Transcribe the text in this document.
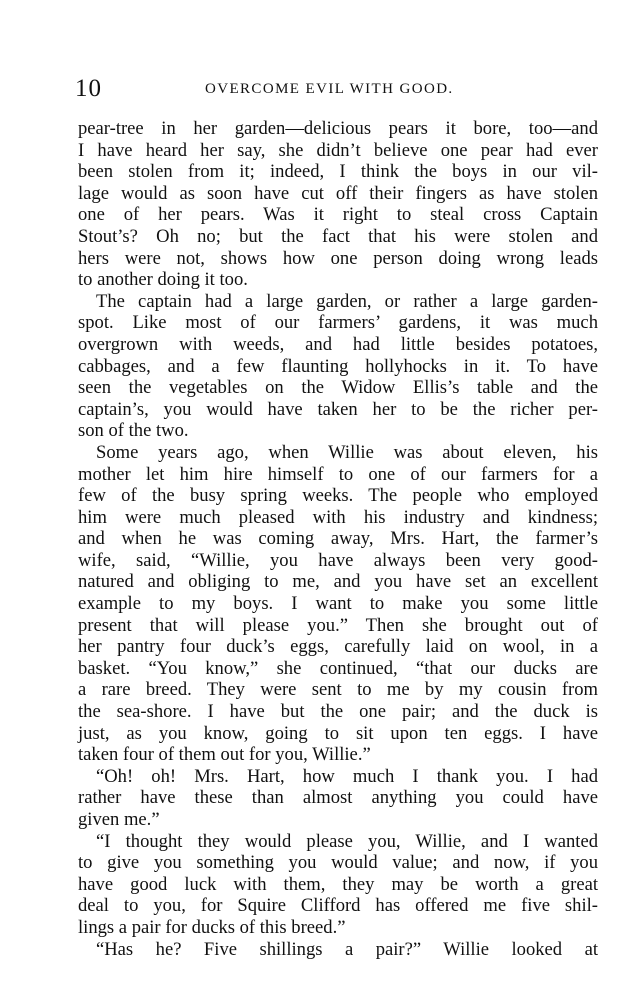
10	OVERCOME EVIL WITH GOOD.
pear-tree in her garden—delicious pears it bore, too—and
I have heard her say, she didn’t believe one pear had ever
been stolen from it; indeed, I think the boys in our vil-
lage would as soon have cut off their fingers as have stolen
one of her pears. Was it right to steal cross Captain
Stout’s? Oh no; but the fact that his were stolen and
hers were not, shows how one person doing wrong leads
to another doing it too.
The captain had a large garden, or rather a large garden-
spot. Like most of our farmers’ gardens, it was much
overgrown with weeds, and had little besides potatoes,
cabbages, and a few flaunting hollyhocks in it. To have
seen the vegetables on the Widow Ellis’s table and the
captain’s, you would have taken her to be the richer per-
son of the two.
Some years ago, when Willie was about eleven, his
mother let him hire himself to one of our farmers for a
few of the busy spring weeks. The people who employed
him were much pleased with his industry and kindness;
and when he was coming away, Mrs. Hart, the farmer’s
wife, said, “Willie, you have always been very good-
natured and obliging to me, and you have set an excellent
example to my boys. I want to make you some little
present that will please you.” Then she brought out of
her pantry four duck’s eggs, carefully laid on wool, in a
basket. “You know,” she continued, “that our ducks are
a rare breed. They were sent to me by my cousin from
the sea-shore. I have but the one pair; and the duck is
just, as you know, going to sit upon ten eggs. I have
taken four of them out for you, Willie.”
“Oh! oh! Mrs. Hart, how much I thank you. I had
rather have these than almost anything you could have
given me.”
“I thought they would please you, Willie, and I wanted
to give you something you would value; and now, if you
have good luck with them, they may be worth a great
deal to you, for Squire Clifford has offered me five shil-
lings a pair for ducks of this breed.”
“Has he? Five shillings a pair?” Willie looked at
